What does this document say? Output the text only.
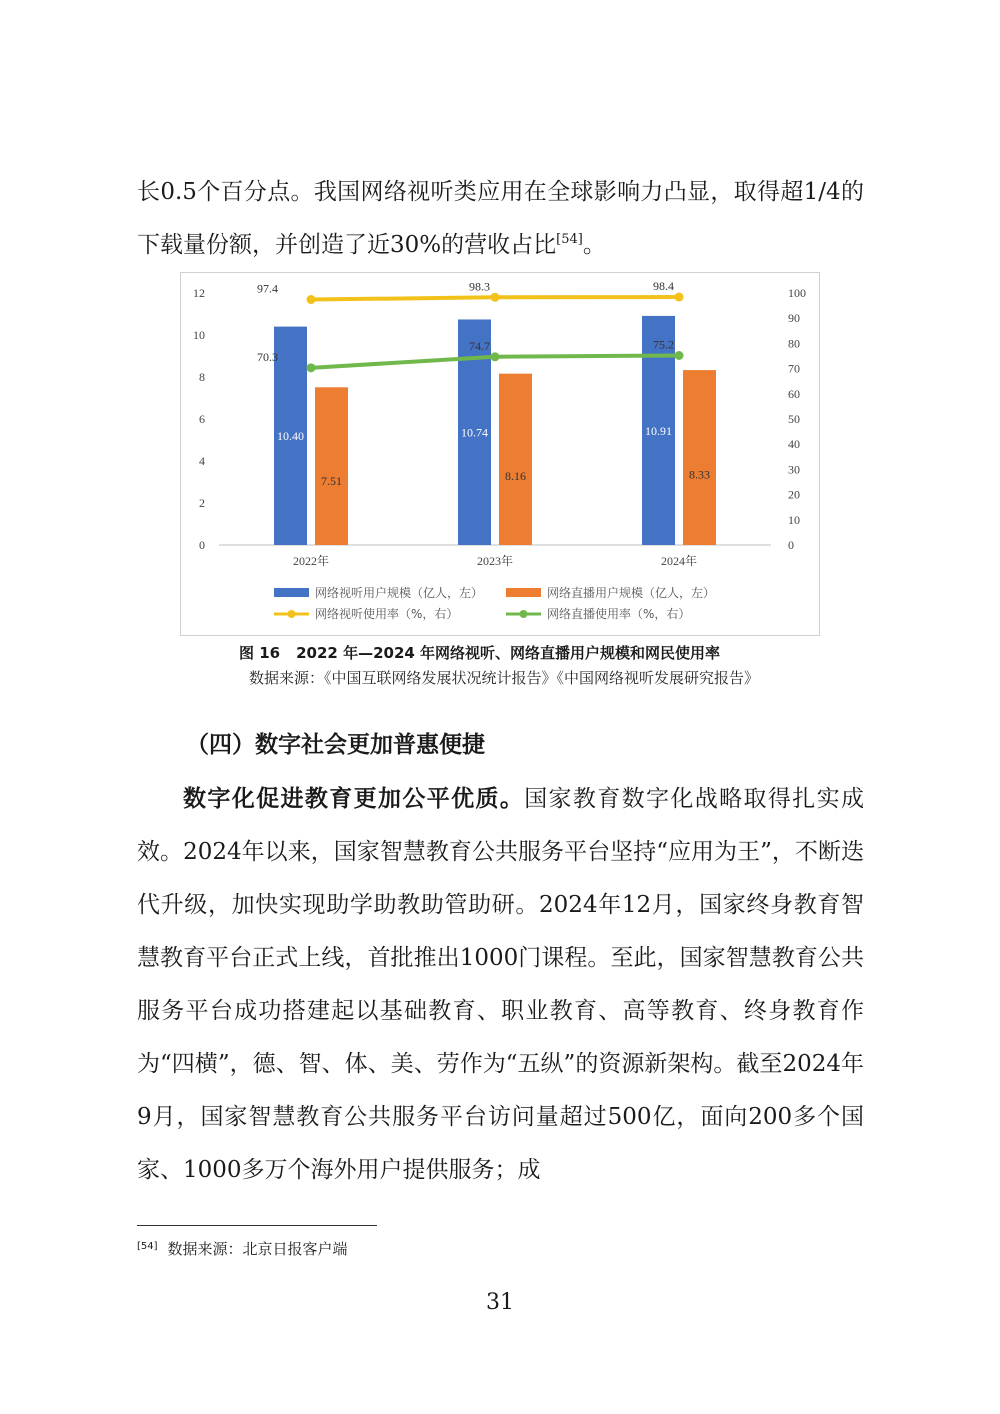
长0.5个百分点。我国网络视听类应用在全球影响力凸显，取得超1/4的下载量份额，并创造了近30%的营收占比[54]。
0
2
4
6
8
10
12
0
10
20
30
40
50
60
70
80
90
100
2022年	2023年	2024年
10.40	10.74	10.91
7.51	8.16	8.33
97.4	98.3	98.4
70.3
74.7	75.2
网络视听用户规模（亿人，左）	网络直播用户规模（亿人，左）
网络视听使用率（%，右）	网络直播使用率（%，右）
图 16 2022 年—2024 年网络视听、网络直播用户规模和网民使用率
数据来源：《中国互联网络发展状况统计报告》《中国网络视听发展研究报告》
（四）数字社会更加普惠便捷
数字化促进教育更加公平优质。国家教育数字化战略取得扎实成效。2024年以来，国家智慧教育公共服务平台坚持“应用为王”，不断迭代升级，加快实现助学助教助管助研。2024年12月，国家终身教育智慧教育平台正式上线，首批推出1000门课程。至此，国家智慧教育公共服务平台成功搭建起以基础教育、职业教育、高等教育、终身教育作为“四横”，德、智、体、美、劳作为“五纵”的资源新架构。截至2024年9月，国家智慧教育公共服务平台访问量超过500亿，面向200多个国家、1000多万个海外用户提供服务；成
[54] 数据来源：北京日报客户端
31
